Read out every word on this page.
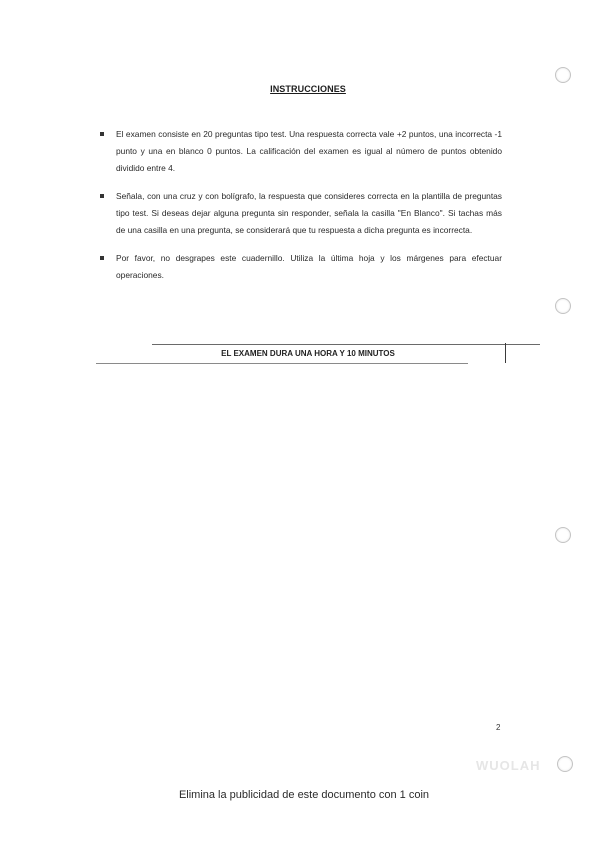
INSTRUCCIONES
El examen consiste en 20 preguntas tipo test. Una respuesta correcta vale +2 puntos, una incorrecta -1 punto y una en blanco 0 puntos. La calificación del examen es igual al número de puntos obtenido dividido entre 4.
Señala, con una cruz y con bolígrafo, la respuesta que consideres correcta en la plantilla de preguntas tipo test. Si deseas dejar alguna pregunta sin responder, señala la casilla "En Blanco". Si tachas más de una casilla en una pregunta, se considerará que tu respuesta a dicha pregunta es incorrecta.
Por favor, no desgrapes este cuadernillo. Utiliza la última hoja y los márgenes para efectuar operaciones.
EL EXAMEN DURA UNA HORA Y 10 MINUTOS
2
WUOLAH
Elimina la publicidad de este documento con 1 coin
